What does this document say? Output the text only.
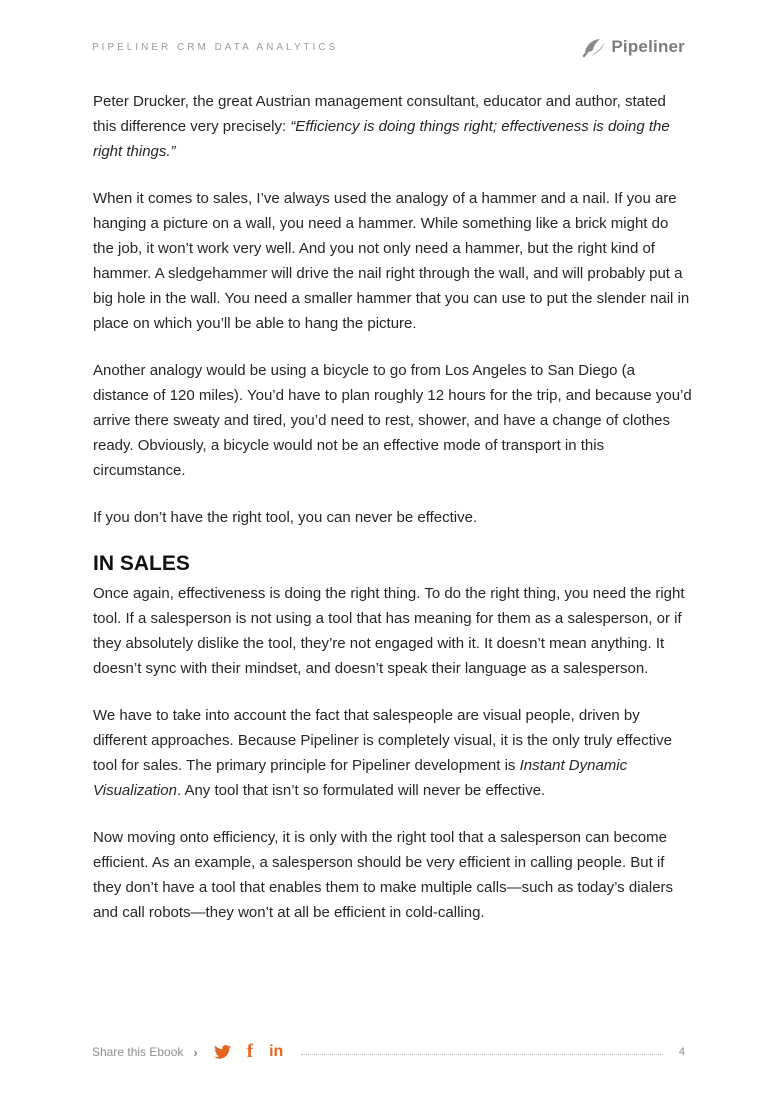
PIPELINER CRM DATA ANALYTICS	Pipeliner

Peter Drucker, the great Austrian management consultant, educator and author, stated this difference very precisely: “Efficiency is doing things right; effectiveness is doing the right things.”

When it comes to sales, I’ve always used the analogy of a hammer and a nail. If you are hanging a picture on a wall, you need a hammer. While something like a brick might do the job, it won’t work very well. And you not only need a hammer, but the right kind of hammer. A sledgehammer will drive the nail right through the wall, and will probably put a big hole in the wall. You need a smaller hammer that you can use to put the slender nail in place on which you’ll be able to hang the picture.

Another analogy would be using a bicycle to go from Los Angeles to San Diego (a distance of 120 miles). You’d have to plan roughly 12 hours for the trip, and because you’d arrive there sweaty and tired, you’d need to rest, shower, and have a change of clothes ready. Obviously, a bicycle would not be an effective mode of transport in this circumstance.

If you don’t have the right tool, you can never be effective.

IN SALES

Once again, effectiveness is doing the right thing. To do the right thing, you need the right tool. If a salesperson is not using a tool that has meaning for them as a salesperson, or if they absolutely dislike the tool, they’re not engaged with it. It doesn’t mean anything. It doesn’t sync with their mindset, and doesn’t speak their language as a salesperson.

We have to take into account the fact that salespeople are visual people, driven by different approaches. Because Pipeliner is completely visual, it is the only truly effective tool for sales. The primary principle for Pipeliner development is Instant Dynamic Visualization. Any tool that isn’t so formulated will never be effective.

Now moving onto efficiency, it is only with the right tool that a salesperson can become efficient. As an example, a salesperson should be very efficient in calling people. But if they don’t have a tool that enables them to make multiple calls—such as today’s dialers and call robots—they won’t at all be efficient in cold-calling.

Share this Ebook ›	f in	4
